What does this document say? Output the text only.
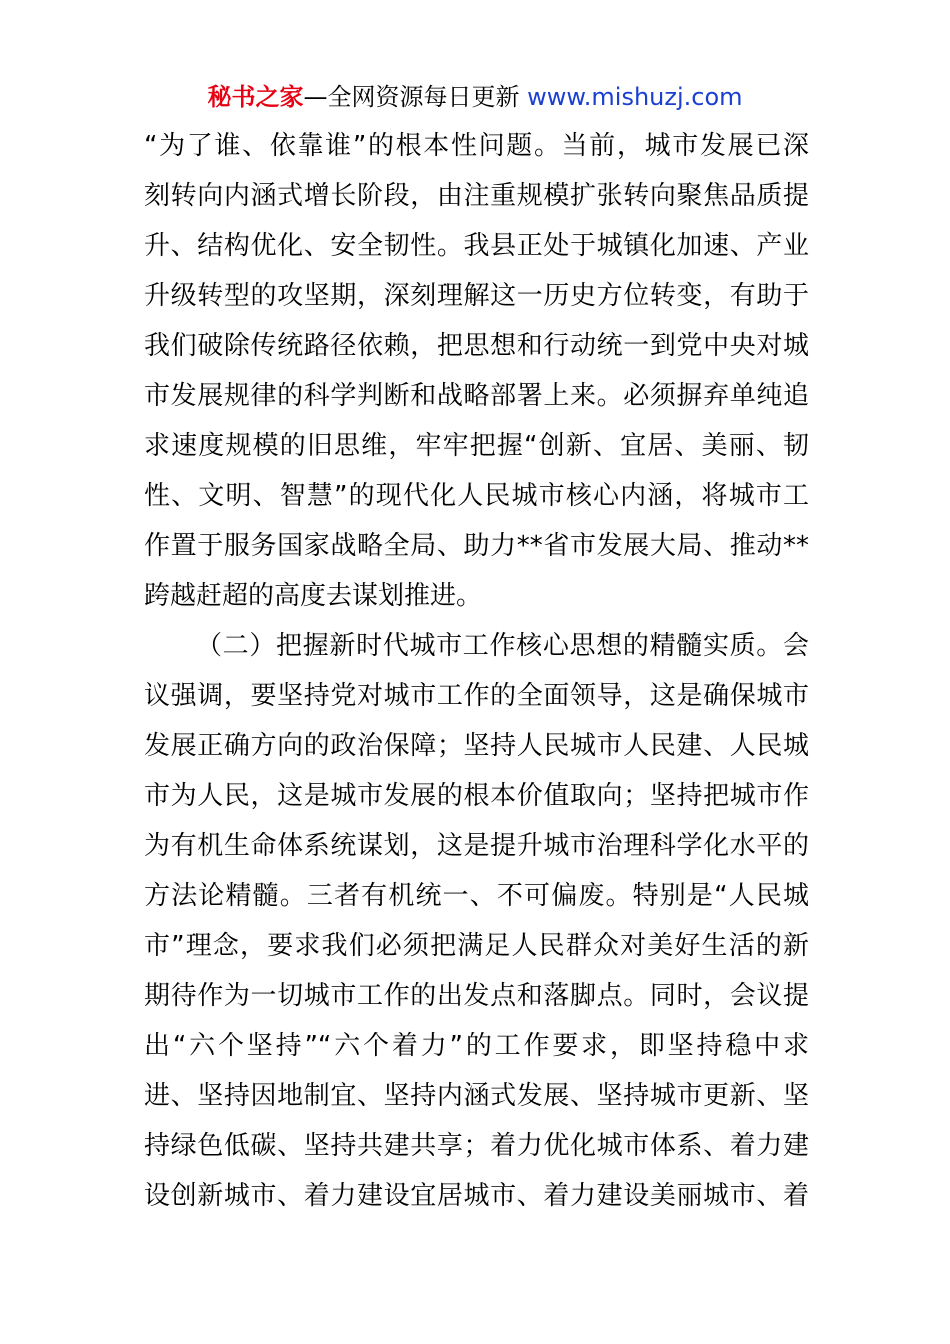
秘书之家—全网资源每日更新 www.mishuzj.com
“为了谁、依靠谁”的根本性问题。当前，城市发展已深
刻转向内涵式增长阶段，由注重规模扩张转向聚焦品质提
升、结构优化、安全韧性。我县正处于城镇化加速、产业
升级转型的攻坚期，深刻理解这一历史方位转变，有助于
我们破除传统路径依赖，把思想和行动统一到党中央对城
市发展规律的科学判断和战略部署上来。必须摒弃单纯追
求速度规模的旧思维，牢牢把握“创新、宜居、美丽、韧
性、文明、智慧”的现代化人民城市核心内涵，将城市工
作置于服务国家战略全局、助力**省市发展大局、推动**
跨越赶超的高度去谋划推进。
（二）把握新时代城市工作核心思想的精髓实质。会
议强调，要坚持党对城市工作的全面领导，这是确保城市
发展正确方向的政治保障；坚持人民城市人民建、人民城
市为人民，这是城市发展的根本价值取向；坚持把城市作
为有机生命体系统谋划，这是提升城市治理科学化水平的
方法论精髓。三者有机统一、不可偏废。特别是“人民城
市”理念，要求我们必须把满足人民群众对美好生活的新
期待作为一切城市工作的出发点和落脚点。同时，会议提
出“六个坚持”“六个着力”的工作要求，即坚持稳中求
进、坚持因地制宜、坚持内涵式发展、坚持城市更新、坚
持绿色低碳、坚持共建共享；着力优化城市体系、着力建
设创新城市、着力建设宜居城市、着力建设美丽城市、着
